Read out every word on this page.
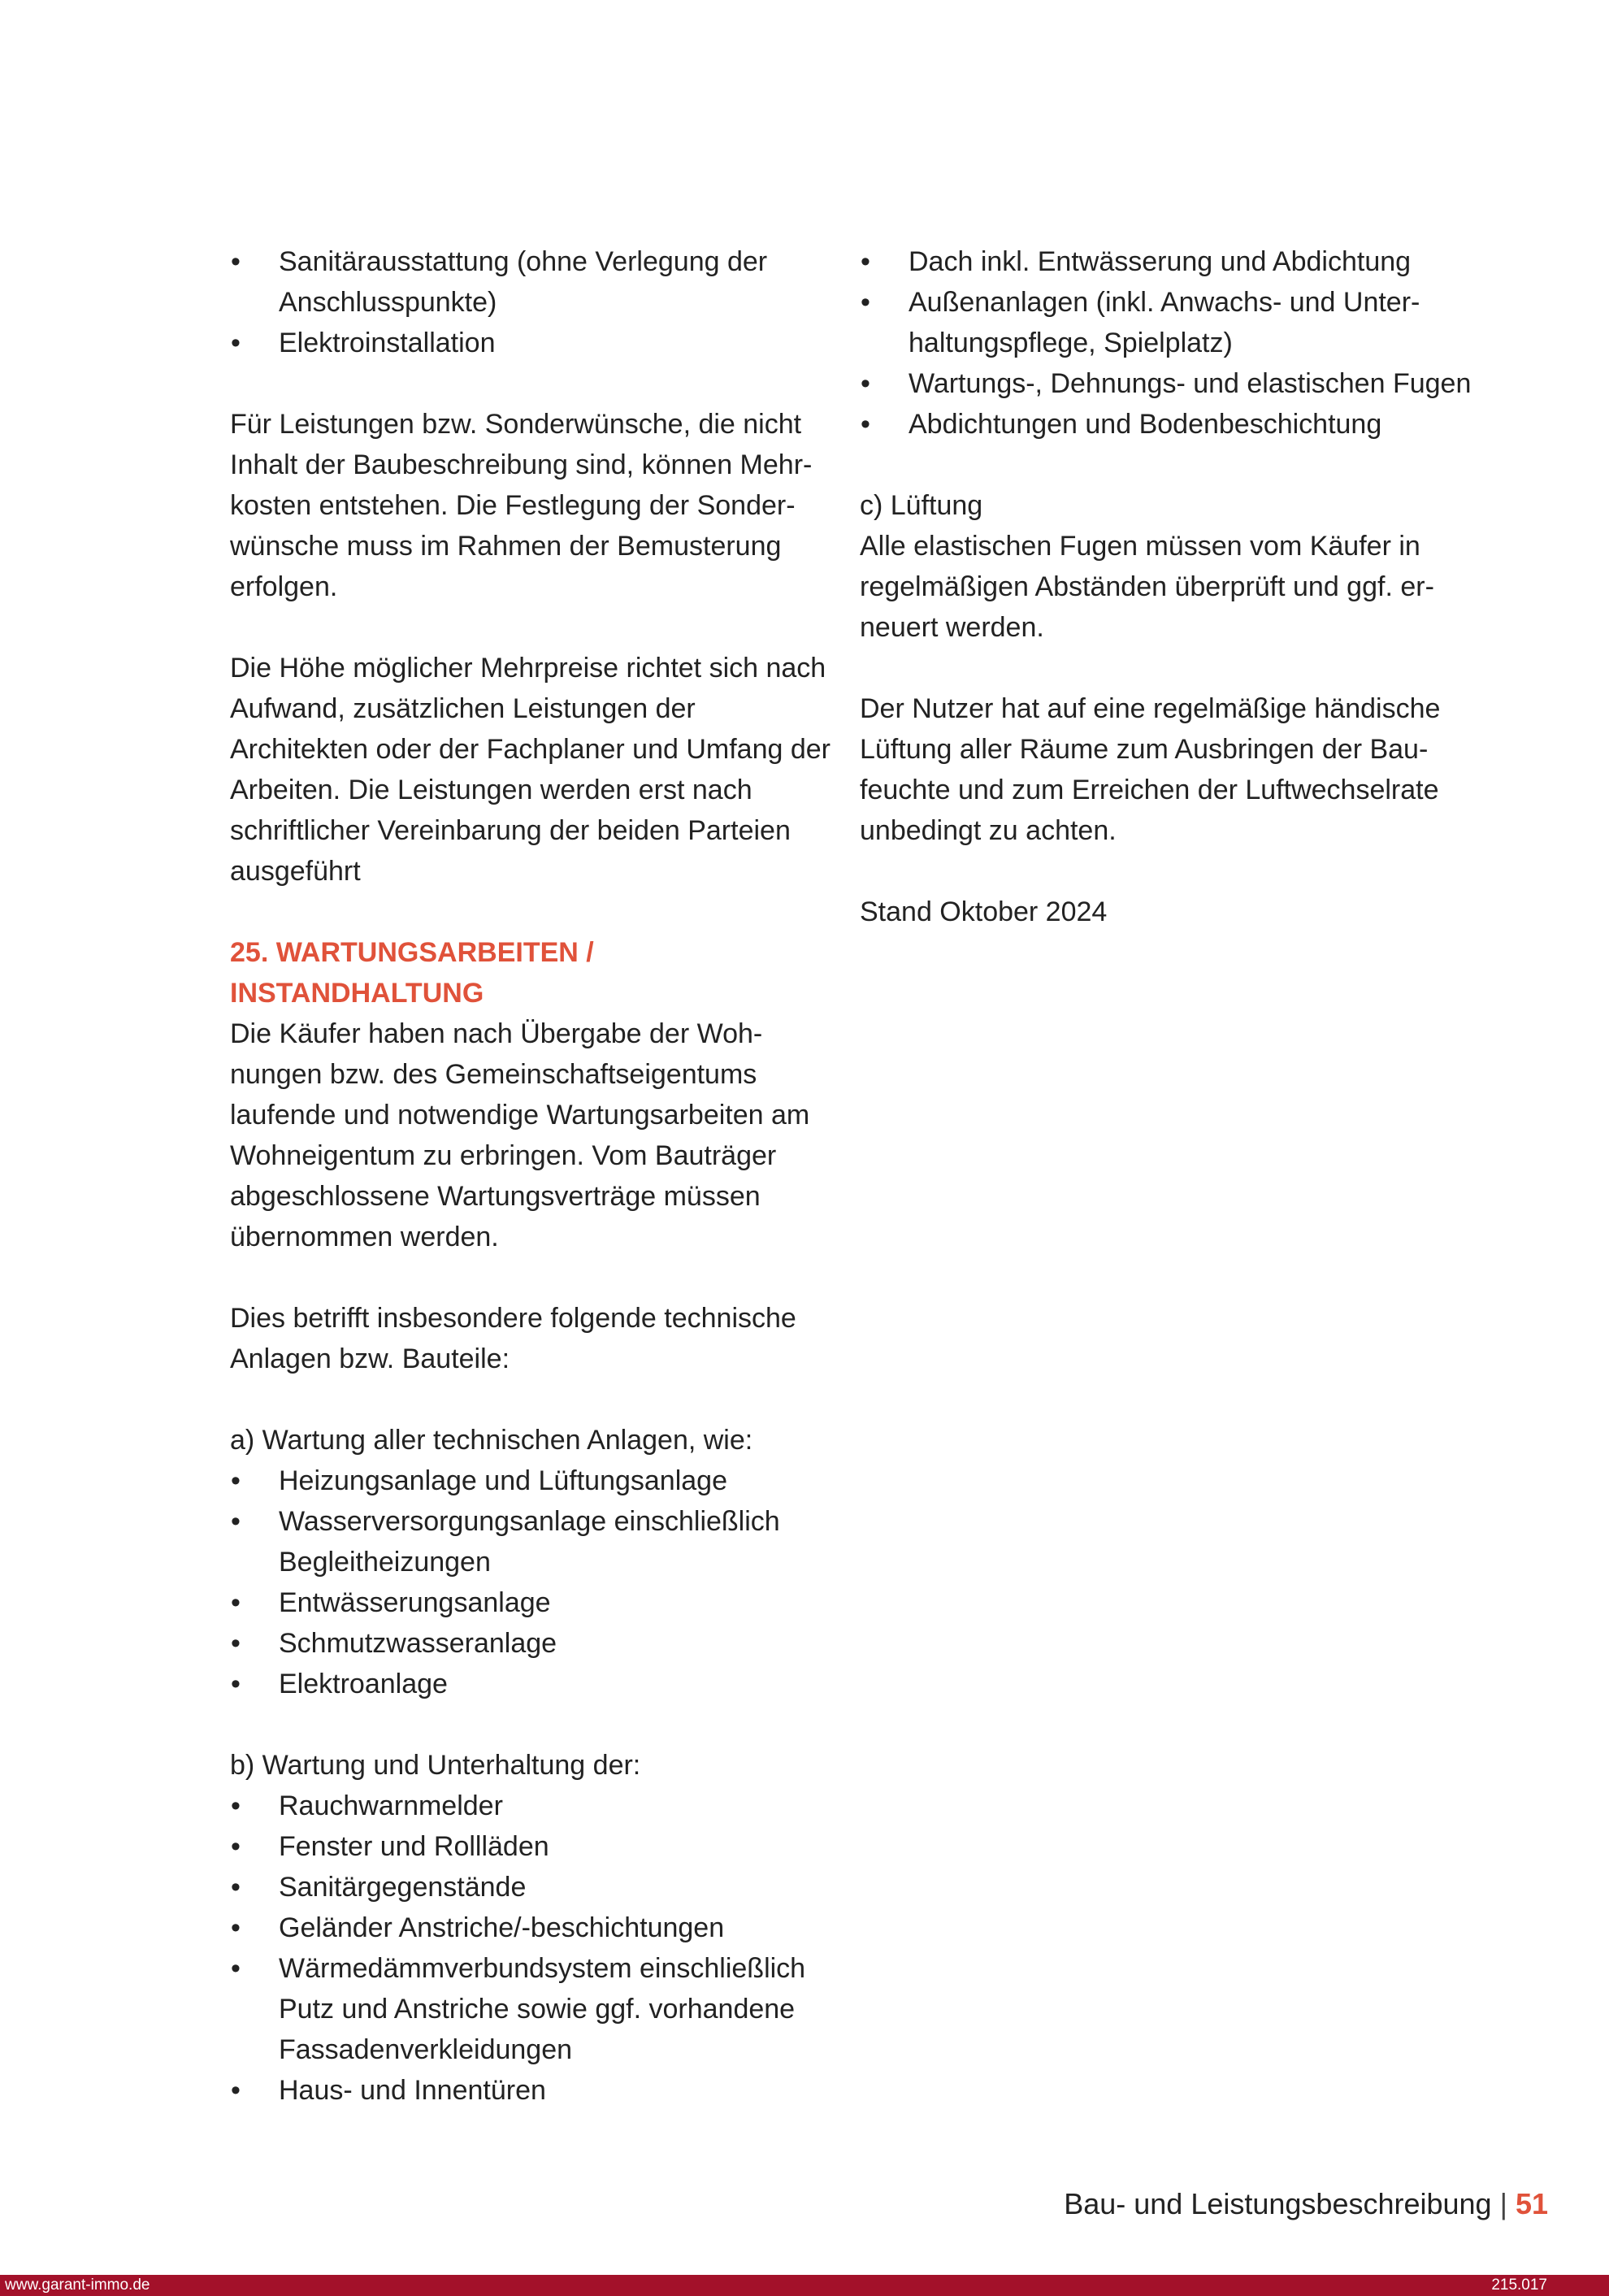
• Sanitärausstattung (ohne Verlegung der Anschlusspunkte)
• Elektroinstallation

Für Leistungen bzw. Sonderwünsche, die nicht Inhalt der Baubeschreibung sind, können Mehrkosten entstehen. Die Festlegung der Sonderwünsche muss im Rahmen der Bemusterung erfolgen.

Die Höhe möglicher Mehrpreise richtet sich nach Aufwand, zusätzlichen Leistungen der Architekten oder der Fachplaner und Umfang der Arbeiten. Die Leistungen werden erst nach schriftlicher Vereinbarung der beiden Parteien ausgeführt

25. WARTUNGSARBEITEN /

INSTANDHALTUNG

Die Käufer haben nach Übergabe der Wohnungen bzw. des Gemeinschaftseigentums laufende und notwendige Wartungsarbeiten am Wohneigentum zu erbringen. Vom Bauträger abgeschlossene Wartungsverträge müssen übernommen werden.

Dies betrifft insbesondere folgende technische Anlagen bzw. Bauteile:

a) Wartung aller technischen Anlagen, wie:

• Heizungsanlage und Lüftungsanlage
• Wasserversorgungsanlage einschließlich Begleitheizungen
• Entwässerungsanlage
• Schmutzwasseranlage
• Elektroanlage

b) Wartung und Unterhaltung der:

• Rauchwarnmelder
• Fenster und Rollläden
• Sanitärgegenstände
• Geländer Anstriche/-beschichtungen
• Wärmedämmverbundsystem einschließlich Putz und Anstriche sowie ggf. vorhandene Fassadenverkleidungen
• Haus- und Innentüren
• Dach inkl. Entwässerung und Abdichtung
• Außenanlagen (inkl. Anwachs- und Unterhaltungspflege, Spielplatz)
• Wartungs-, Dehnungs- und elastischen Fugen
• Abdichtungen und Bodenbeschichtung

c) Lüftung

Alle elastischen Fugen müssen vom Käufer in regelmäßigen Abständen überprüft und ggf. erneuert werden.

Der Nutzer hat auf eine regelmäßige händische Lüftung aller Räume zum Ausbringen der Baufeuchte und zum Erreichen der Luftwechselrate unbedingt zu achten.

Stand Oktober 2024

Bau- und Leistungsbeschreibung | 51
www.garant-immo.de	215.017
